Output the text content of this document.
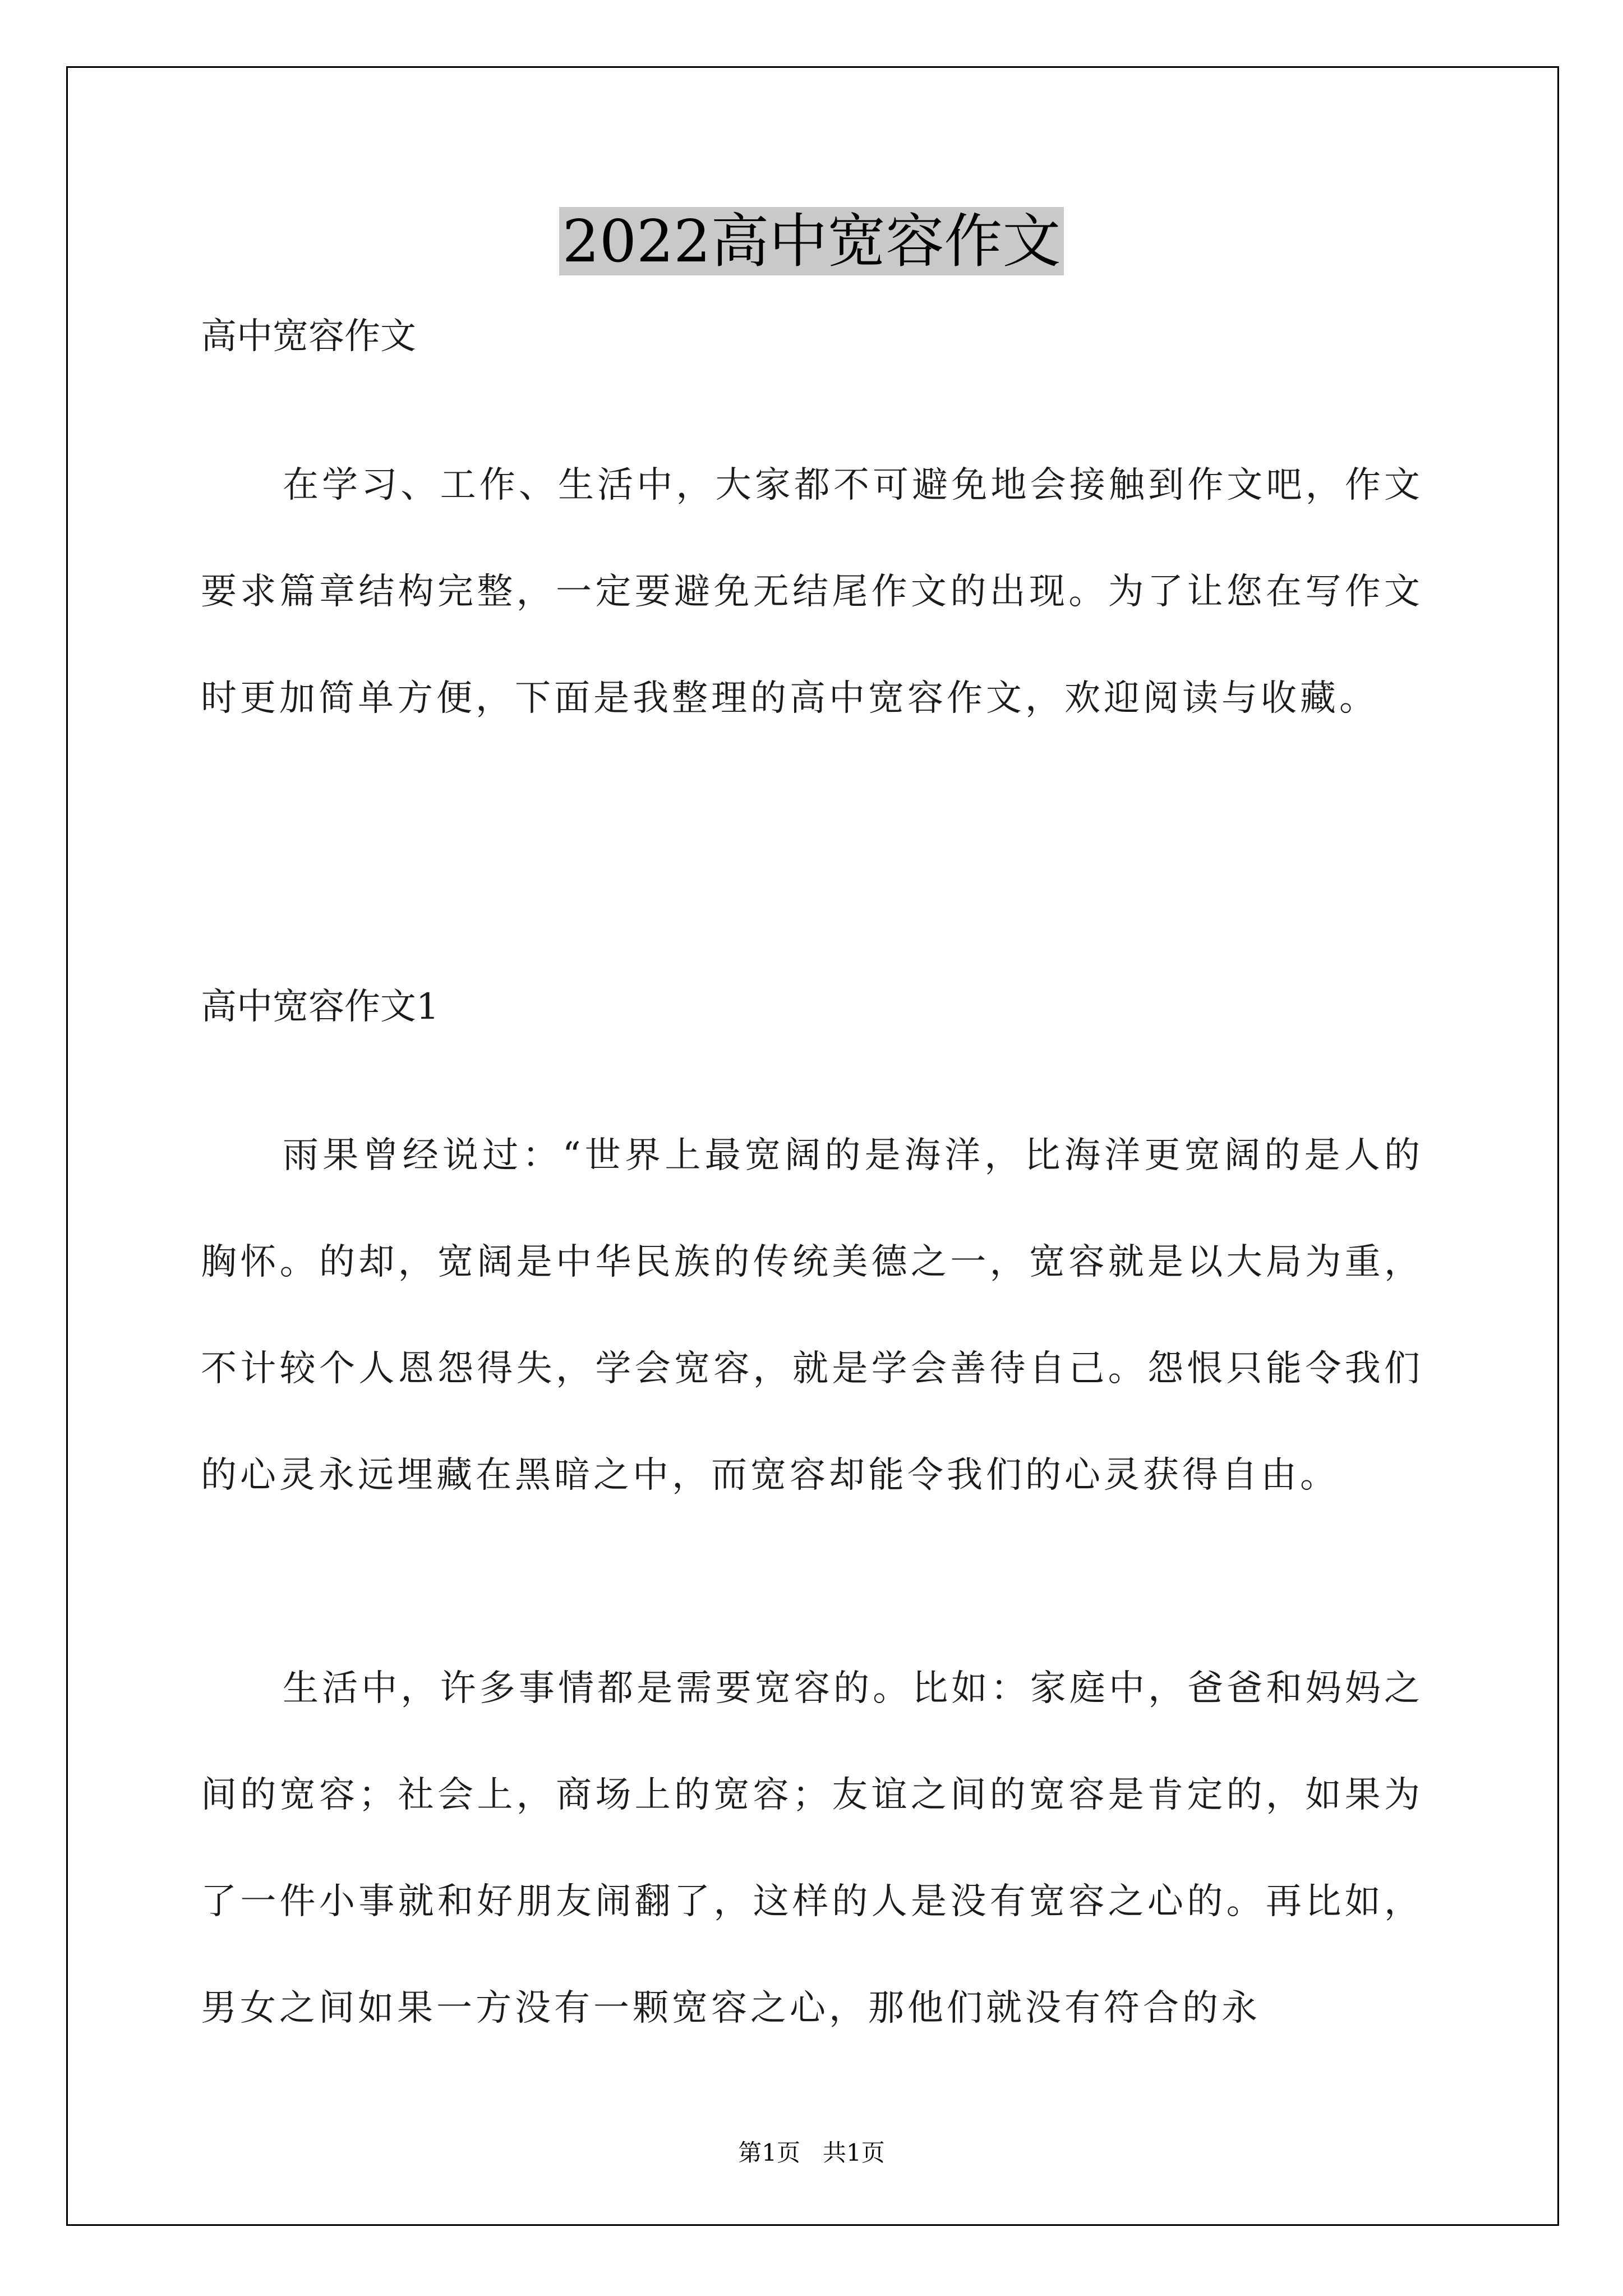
2022高中宽容作文

高中宽容作文

在学习、工作、生活中，大家都不可避免地会接触到作文吧，作文要求篇章结构完整，一定要避免无结尾作文的出现。为了让您在写作文时更加简单方便，下面是我整理的高中宽容作文，欢迎阅读与收藏。

高中宽容作文1

雨果曾经说过：“世界上最宽阔的是海洋，比海洋更宽阔的是人的胸怀。的却，宽阔是中华民族的传统美德之一，宽容就是以大局为重，不计较个人恩怨得失，学会宽容，就是学会善待自己。怨恨只能令我们的心灵永远埋藏在黑暗之中，而宽容却能令我们的心灵获得自由。

生活中，许多事情都是需要宽容的。比如：家庭中，爸爸和妈妈之间的宽容；社会上，商场上的宽容；友谊之间的宽容是肯定的，如果为了一件小事就和好朋友闹翻了，这样的人是没有宽容之心的。再比如，男女之间如果一方没有一颗宽容之心，那他们就没有符合的永

第1页   共1页
